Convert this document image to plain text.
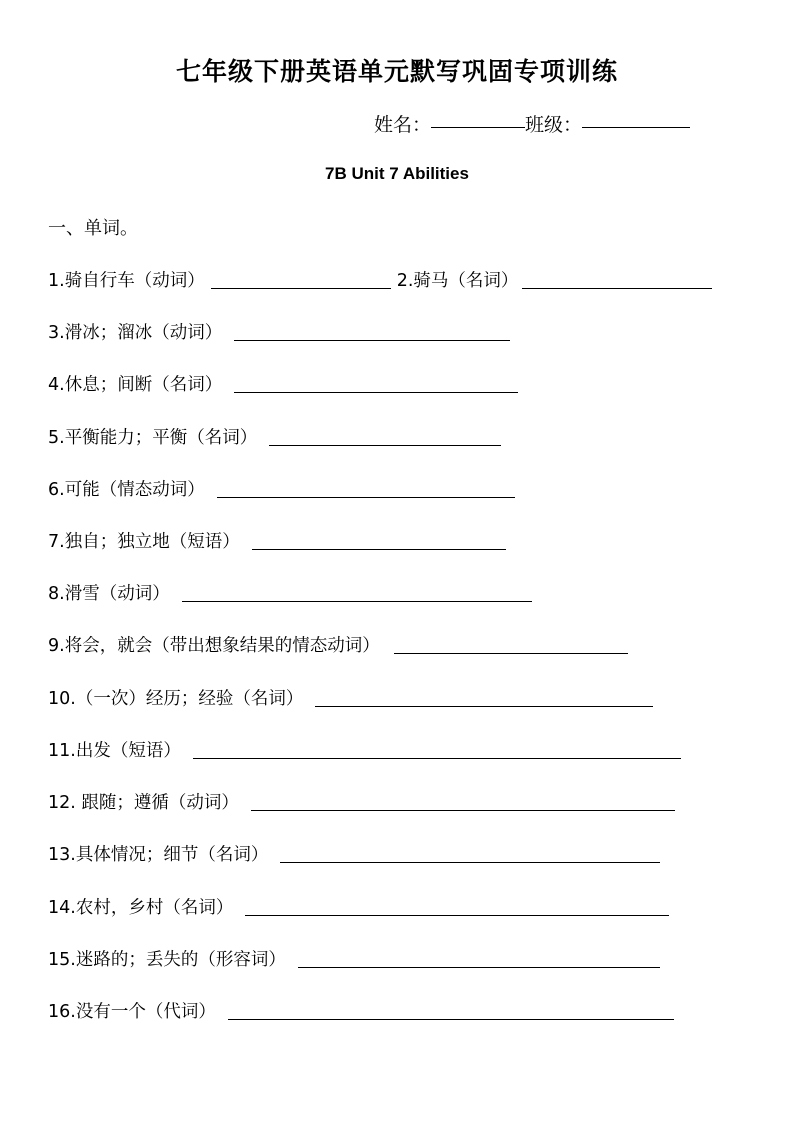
七年级下册英语单元默写巩固专项训练
姓名：	班级：
7B Unit 7 Abilities
一、单词。
1.骑自行车（动词）	2.骑马（名词）
3.滑冰；溜冰（动词）
4.休息；间断（名词）
5.平衡能力；平衡（名词）
6.可能（情态动词）
7.独自；独立地（短语）
8.滑雪（动词）
9.将会，就会（带出想象结果的情态动词）
10.（一次）经历；经验（名词）
11.出发（短语）
12. 跟随；遵循（动词）
13.具体情况；细节（名词）
14.农村，乡村（名词）
15.迷路的；丢失的（形容词）
16.没有一个（代词）
